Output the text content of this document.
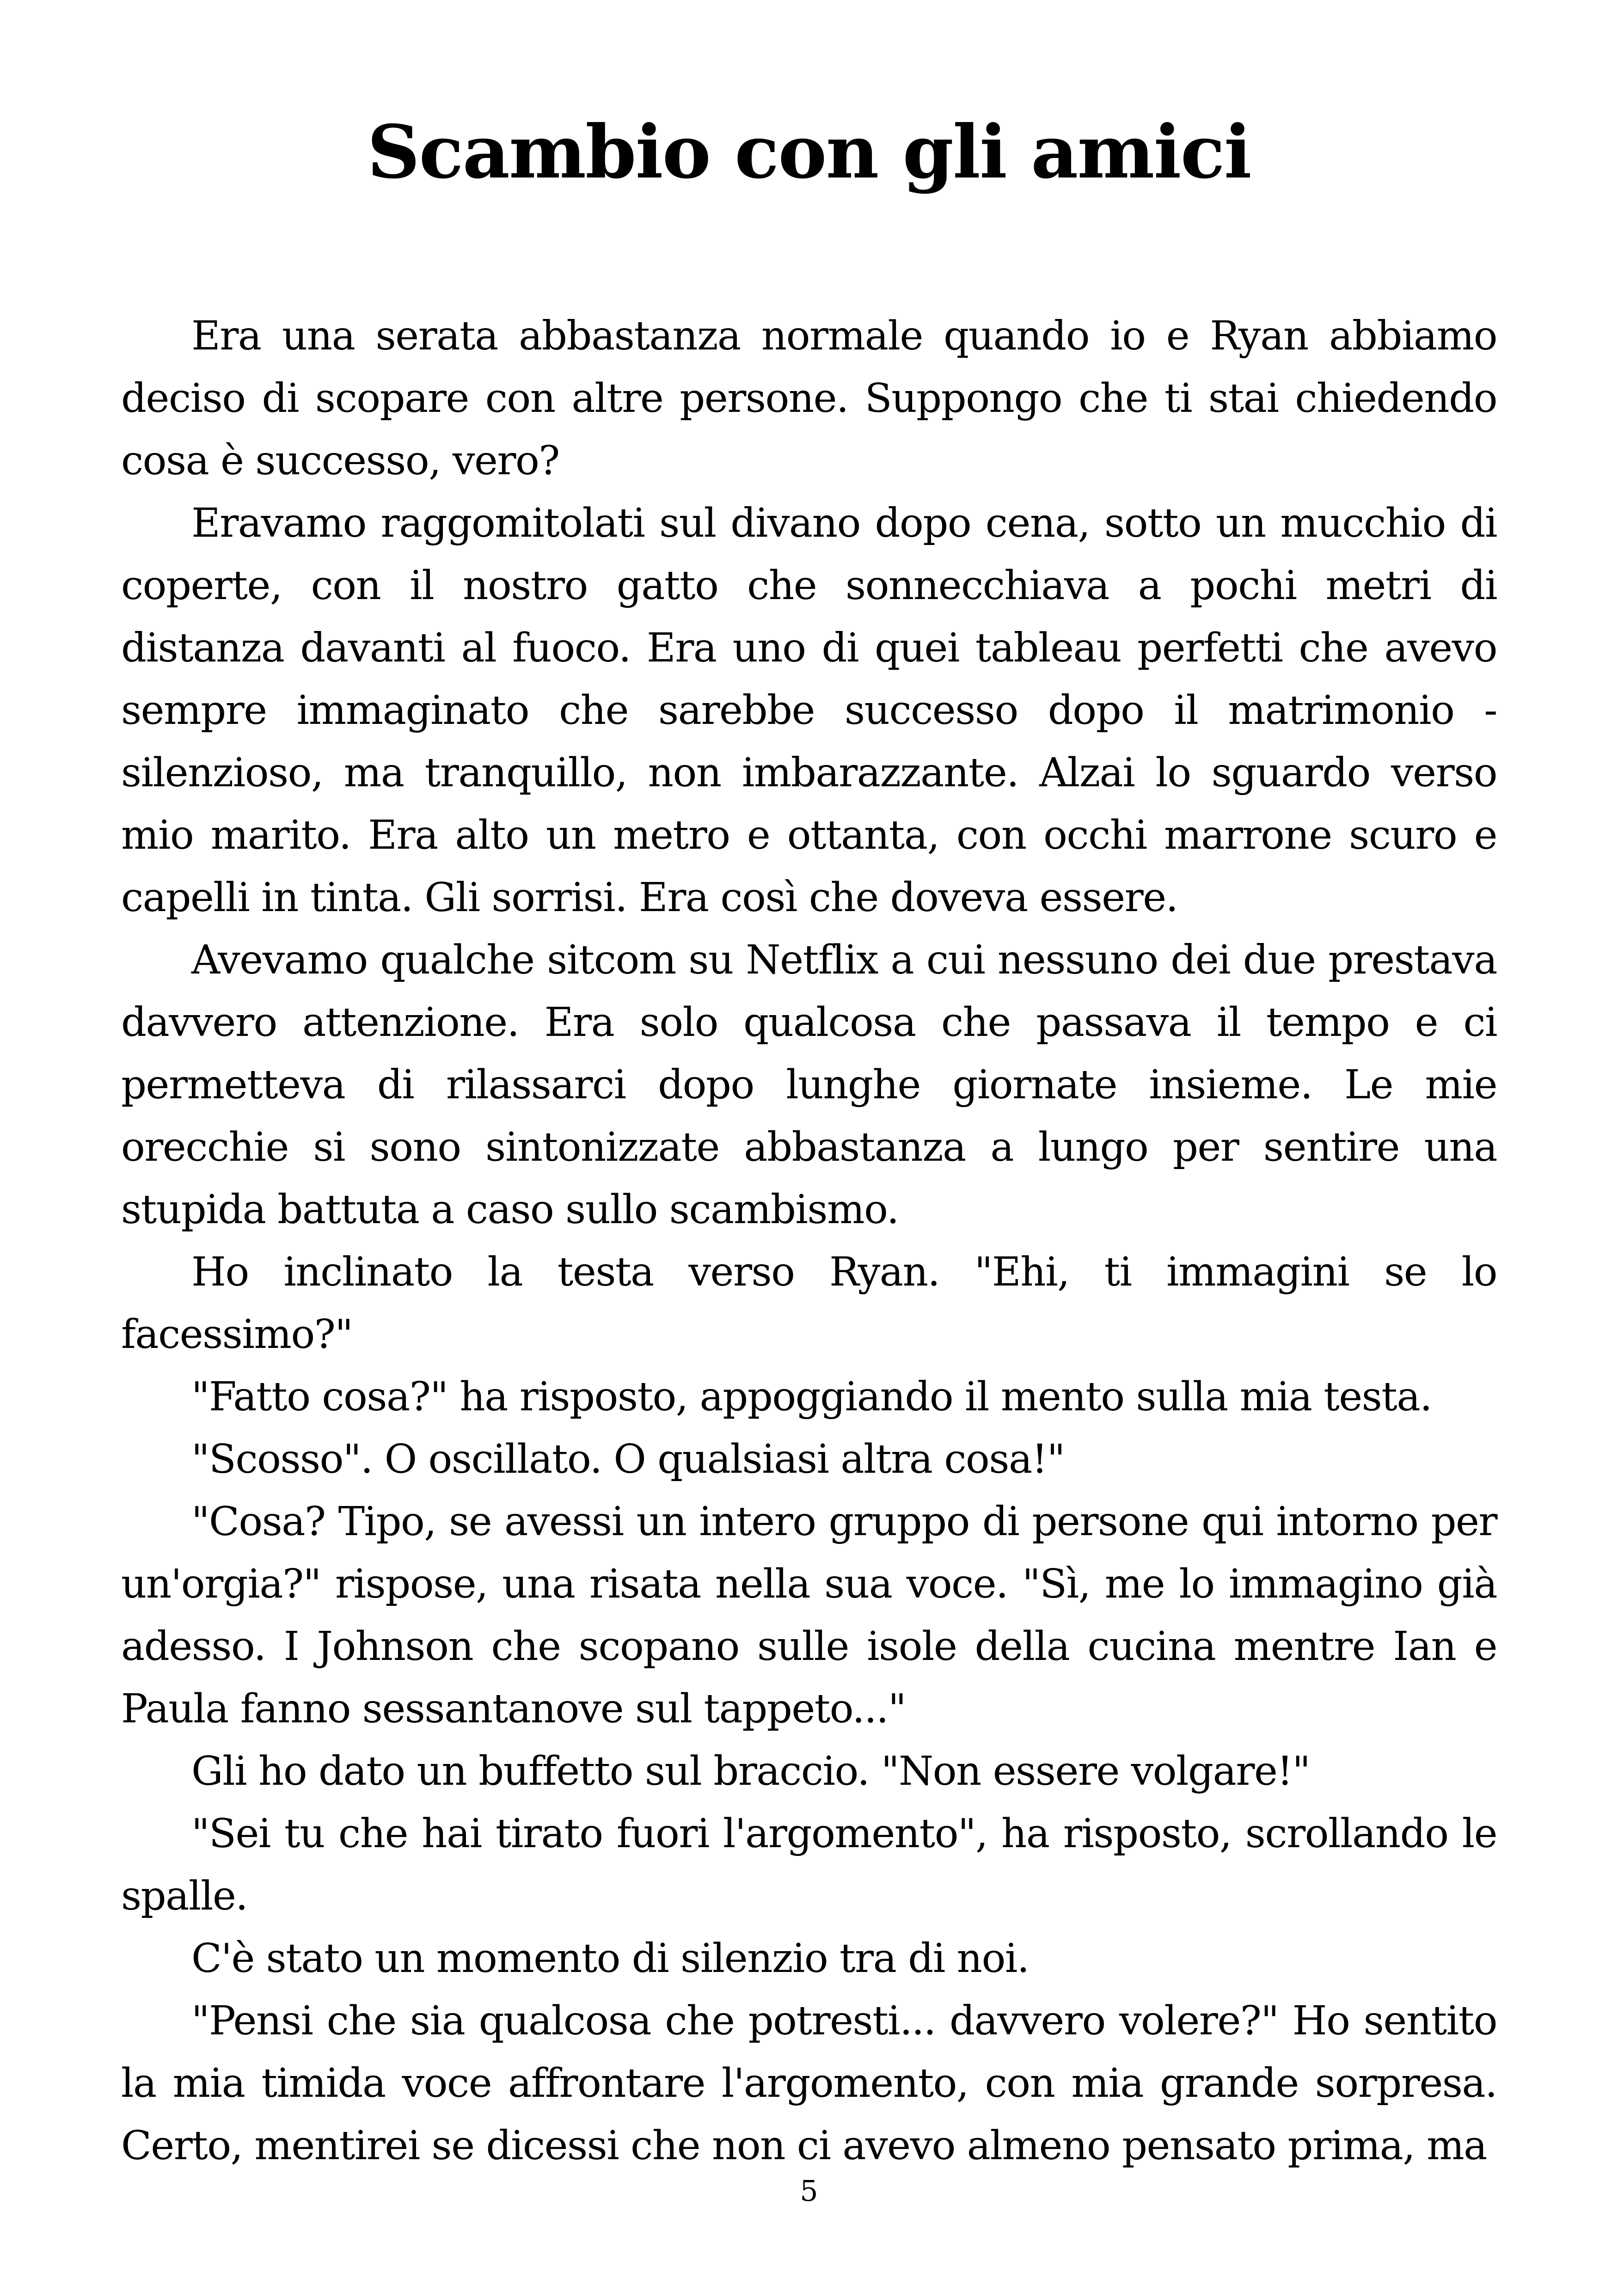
Scambio con gli amici

Era una serata abbastanza normale quando io e Ryan abbiamo deciso di scopare con altre persone. Suppongo che ti stai chiedendo cosa è successo, vero?

Eravamo raggomitolati sul divano dopo cena, sotto un mucchio di coperte, con il nostro gatto che sonnecchiava a pochi metri di distanza davanti al fuoco. Era uno di quei tableau perfetti che avevo sempre immaginato che sarebbe successo dopo il matrimonio - silenzioso, ma tranquillo, non imbarazzante. Alzai lo sguardo verso mio marito. Era alto un metro e ottanta, con occhi marrone scuro e capelli in tinta. Gli sorrisi. Era così che doveva essere.

Avevamo qualche sitcom su Netflix a cui nessuno dei due prestava davvero attenzione. Era solo qualcosa che passava il tempo e ci permetteva di rilassarci dopo lunghe giornate insieme. Le mie orecchie si sono sintonizzate abbastanza a lungo per sentire una stupida battuta a caso sullo scambismo.

Ho inclinato la testa verso Ryan. "Ehi, ti immagini se lo facessimo?"

"Fatto cosa?" ha risposto, appoggiando il mento sulla mia testa.

"Scosso". O oscillato. O qualsiasi altra cosa!"

"Cosa? Tipo, se avessi un intero gruppo di persone qui intorno per un'orgia?" rispose, una risata nella sua voce. "Sì, me lo immagino già adesso. I Johnson che scopano sulle isole della cucina mentre Ian e Paula fanno sessantanove sul tappeto..."

Gli ho dato un buffetto sul braccio. "Non essere volgare!"

"Sei tu che hai tirato fuori l'argomento", ha risposto, scrollando le spalle.

C'è stato un momento di silenzio tra di noi.

"Pensi che sia qualcosa che potresti... davvero volere?" Ho sentito la mia timida voce affrontare l'argomento, con mia grande sorpresa. Certo, mentirei se dicessi che non ci avevo almeno pensato prima, ma

5
